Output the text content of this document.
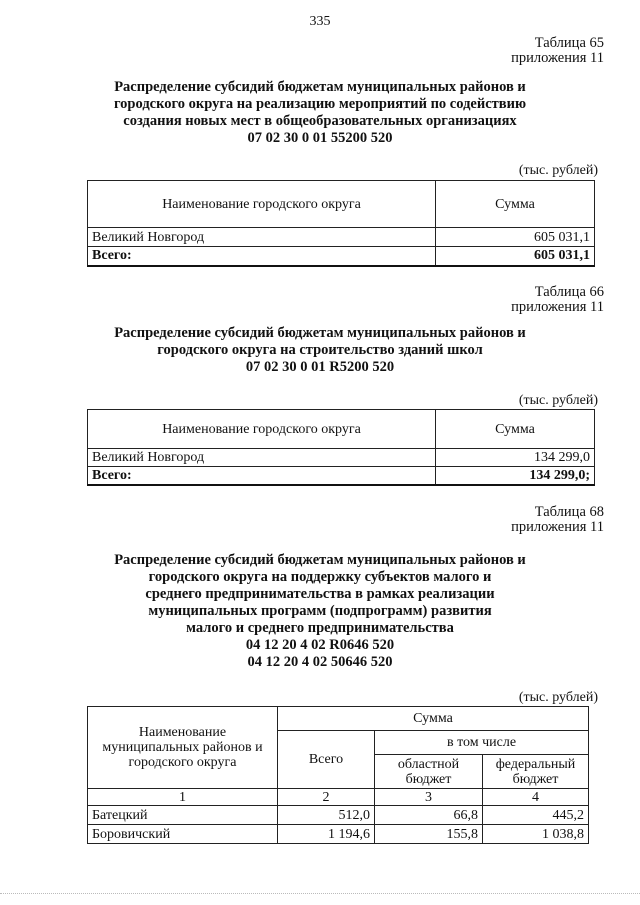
335
Таблица 65
приложения 11
Распределение субсидий бюджетам муниципальных районов и
городского округа на реализацию мероприятий по содействию
создания новых мест в общеобразовательных организациях
07 02 30 0 01 55200 520
(тыс. рублей)
Наименование городского округа	Сумма
Великий Новгород	605 031,1
Всего:	605 031,1
Таблица 66
приложения 11
Распределение субсидий бюджетам муниципальных районов и
городского округа на строительство зданий школ
07 02 30 0 01 R5200 520
(тыс. рублей)
Наименование городского округа	Сумма
Великий Новгород	134 299,0
Всего:	134 299,0;
Таблица 68
приложения 11
Распределение субсидий бюджетам муниципальных районов и
городского округа на поддержку субъектов малого и
среднего предпринимательства в рамках реализации
муниципальных программ (подпрограмм) развития
малого и среднего предпринимательства
04 12 20 4 02 R0646 520
04 12 20 4 02 50646 520
(тыс. рублей)
Наименование муниципальных районов и городского округа	Сумма		
	Всего	в том числе	
		областной бюджет	федеральный бюджет
1	2	3	4
Батецкий	512,0	66,8	445,2
Боровичский	1 194,6	155,8	1 038,8
